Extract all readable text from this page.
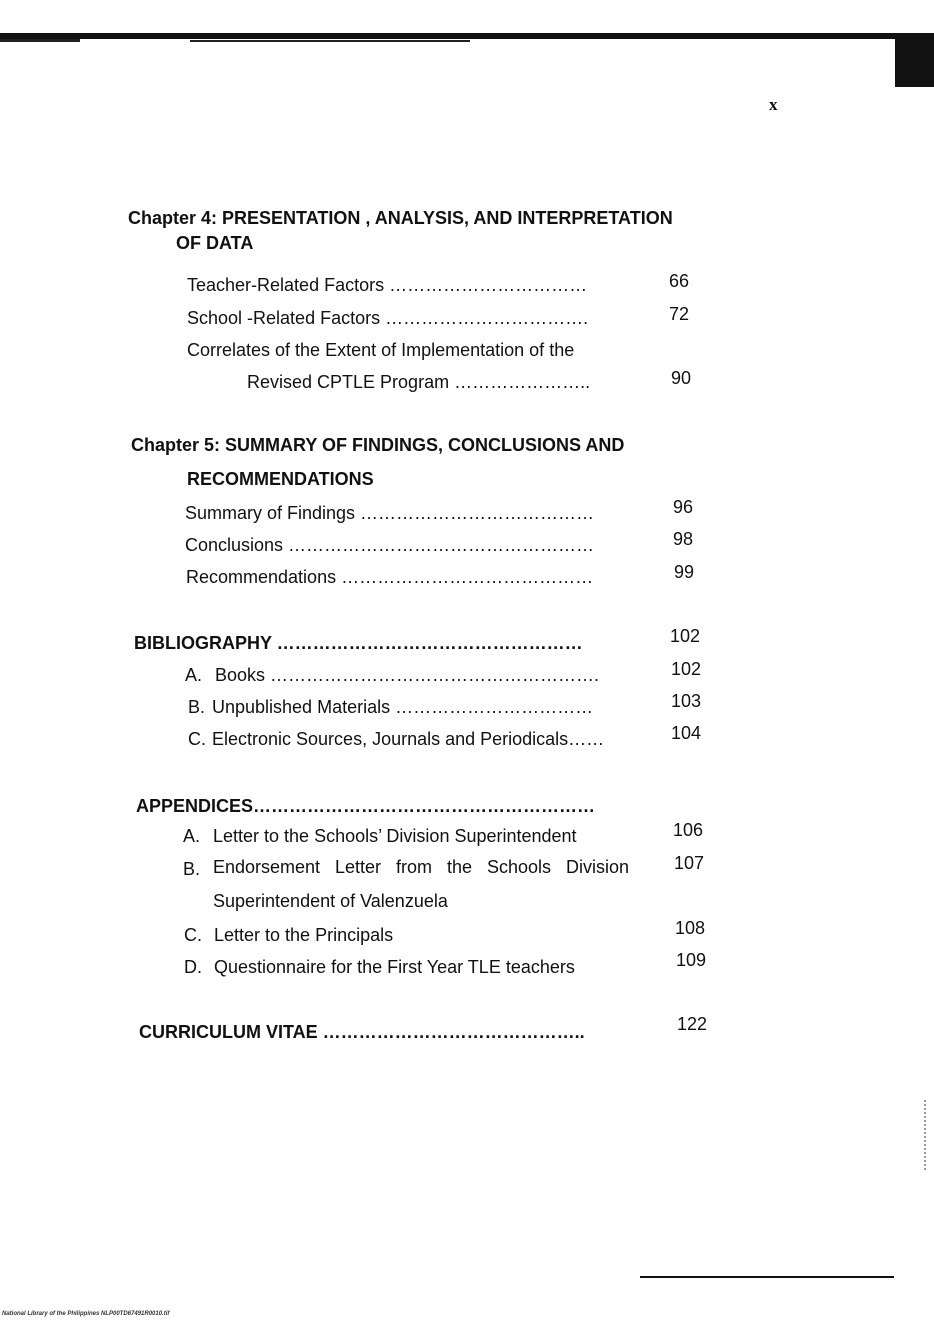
x
Chapter 4: PRESENTATION , ANALYSIS, AND INTERPRETATION
OF DATA
Teacher-Related Factors ……………………………	66
School -Related Factors …………………………….	72
Correlates of the Extent of Implementation of the
Revised CPTLE Program …………………..	90
Chapter 5: SUMMARY OF FINDINGS, CONCLUSIONS AND
RECOMMENDATIONS
Summary of Findings …………………………………	96
Conclusions ……………………………………………	98
Recommendations ……………………………………	99
BIBLIOGRAPHY ……………………………………………	102
A. Books ……………………………………………….	102
B. Unpublished Materials ……………………………	103
C. Electronic Sources, Journals and Periodicals……	104
APPENDICES…………………………………………………
A. Letter to the Schools’ Division Superintendent	106
B. Endorsement Letter from the Schools Division	107
Superintendent of Valenzuela
C. Letter to the Principals	108
D. Questionnaire for the First Year TLE teachers	109
CURRICULUM VITAE ……………………………………..	122
National Library of the Philippines NLP00TD67491R0010.tif
